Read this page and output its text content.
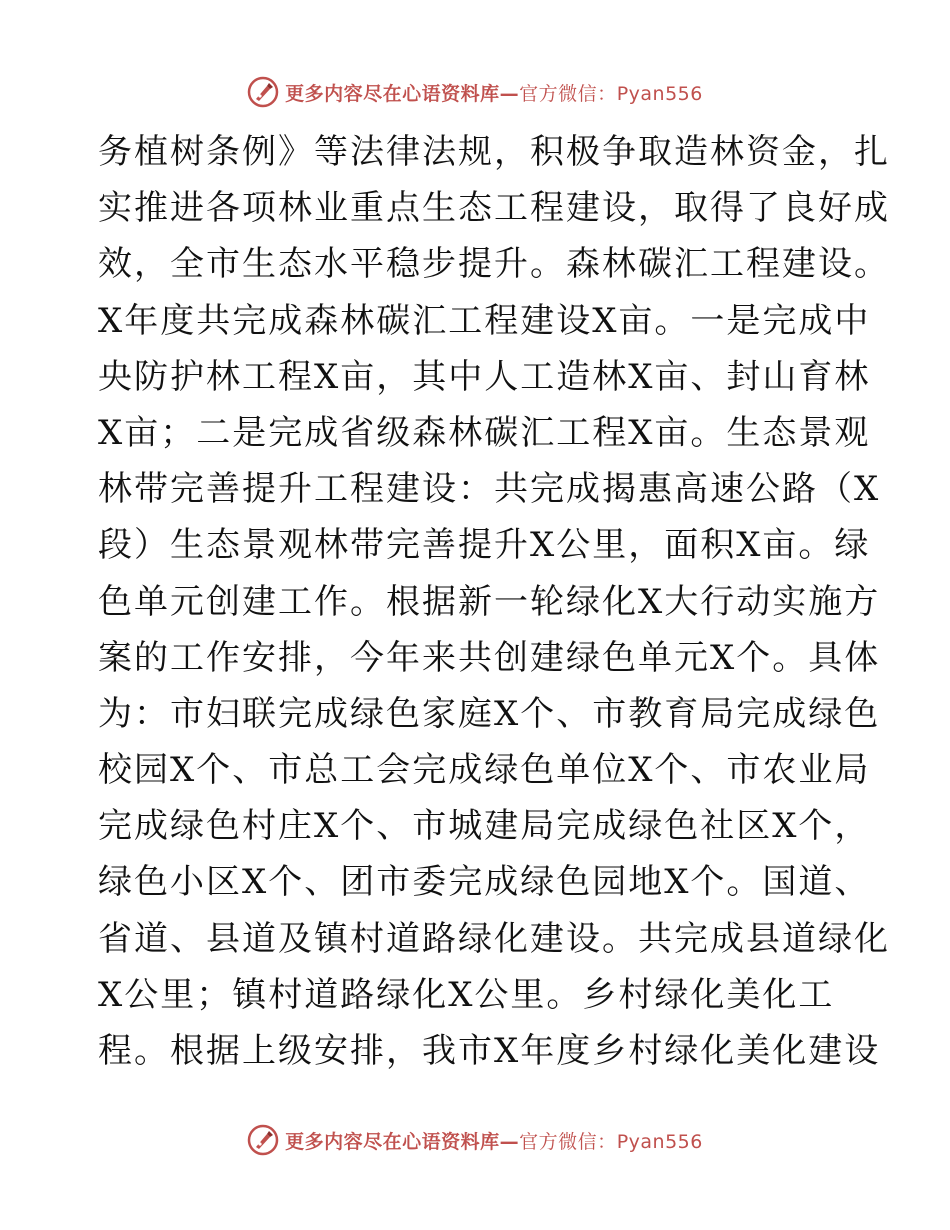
更多内容尽在心语资料库—官方微信：Pyan556
务植树条例》等法律法规，积极争取造林资金，扎
实推进各项林业重点生态工程建设，取得了良好成
效，全市生态水平稳步提升。森林碳汇工程建设。
X年度共完成森林碳汇工程建设X亩。一是完成中
央防护林工程X亩，其中人工造林X亩、封山育林
X亩；二是完成省级森林碳汇工程X亩。生态景观
林带完善提升工程建设：共完成揭惠高速公路（X
段）生态景观林带完善提升X公里，面积X亩。绿
色单元创建工作。根据新一轮绿化X大行动实施方
案的工作安排，今年来共创建绿色单元X个。具体
为：市妇联完成绿色家庭X个、市教育局完成绿色
校园X个、市总工会完成绿色单位X个、市农业局
完成绿色村庄X个、市城建局完成绿色社区X个，
绿色小区X个、团市委完成绿色园地X个。国道、
省道、县道及镇村道路绿化建设。共完成县道绿化
X公里；镇村道路绿化X公里。乡村绿化美化工
程。根据上级安排，我市X年度乡村绿化美化建设
更多内容尽在心语资料库—官方微信：Pyan556
